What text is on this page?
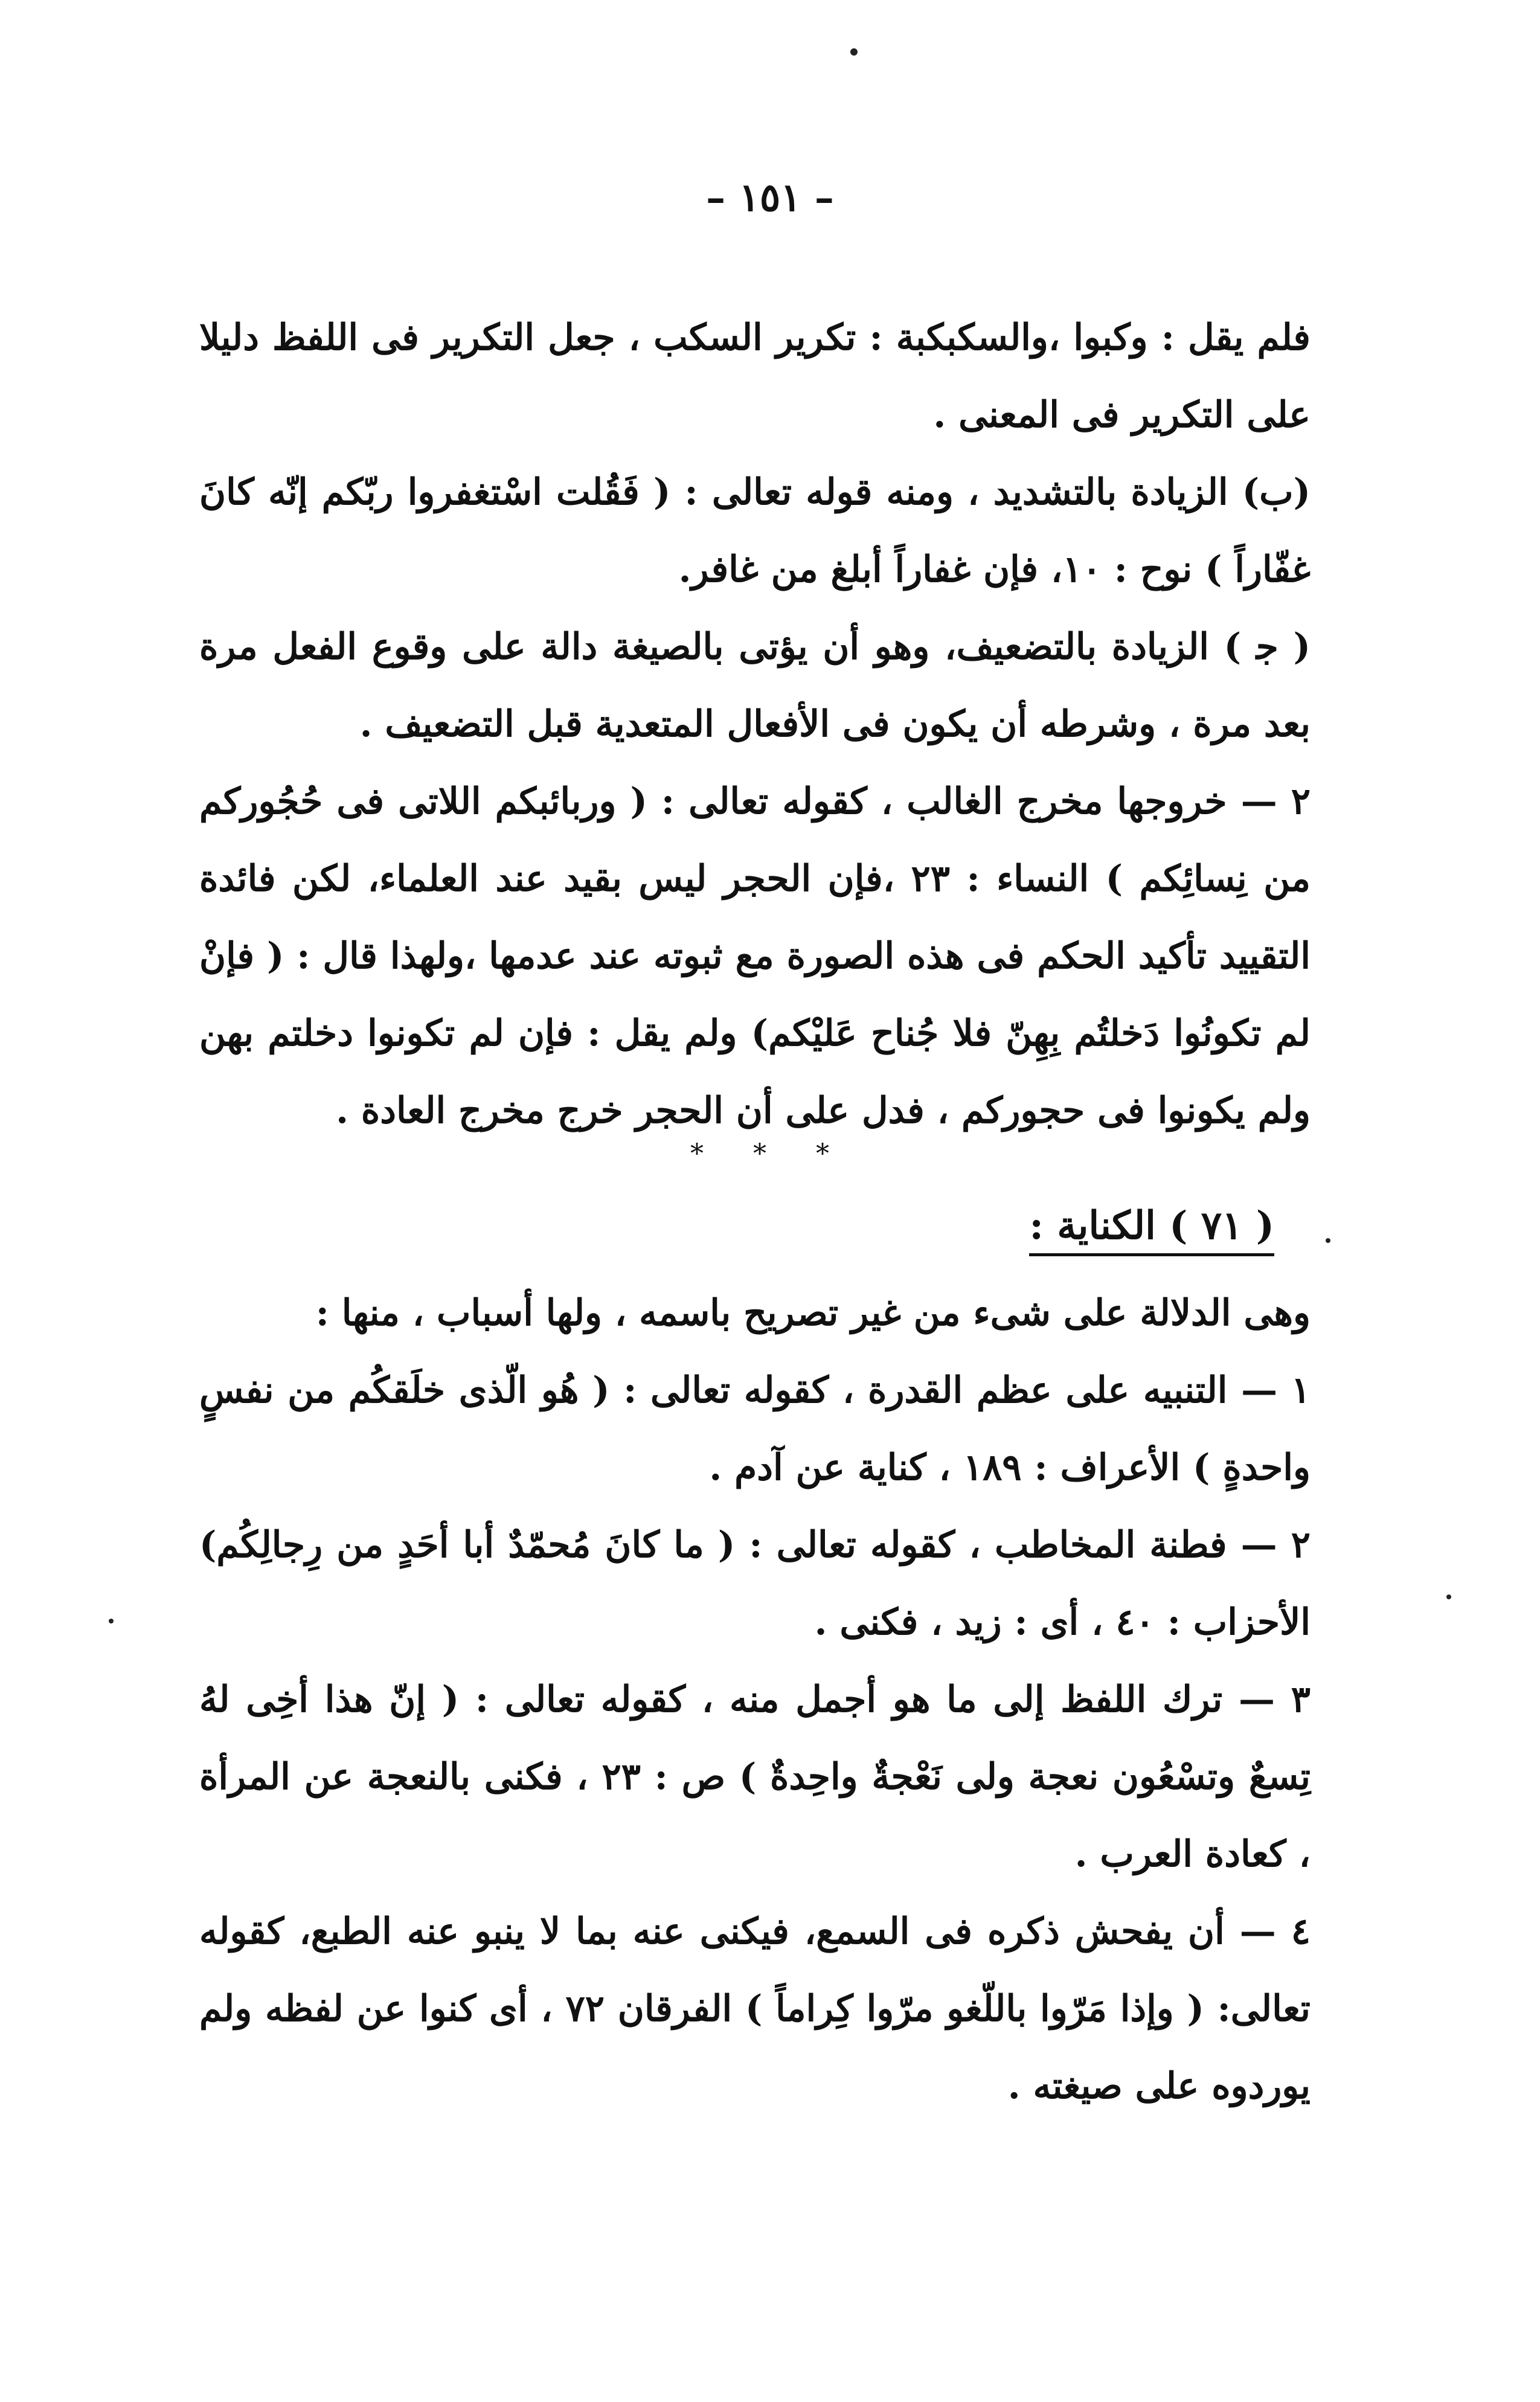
– ١٥١ –

فلم يقل : وكبوا ،والسكبكبة : تكرير السكب ، جعل التكرير فى اللفظ دليلا على التكرير فى المعنى .

(ب) الزيادة بالتشديد ، ومنه قوله تعالى : ( فَقُلت اسْتغفروا ربّكم إنّه كانَ غفّاراً ) نوح : ١٠، فإن غفاراً أبلغ من غافر.

( ﺟ ) الزيادة بالتضعيف، وهو أن يؤتى بالصيغة دالة على وقوع الفعل مرة بعد مرة ، وشرطه أن يكون فى الأفعال المتعدية قبل التضعيف .

٢ — خروجها مخرج الغالب ، كقوله تعالى : ( وربائبكم اللاتى فى حُجُوركم من نِسائِكم ) النساء : ٢٣ ،فإن الحجر ليس بقيد عند العلماء، لكن فائدة التقييد تأكيد الحكم فى هذه الصورة مع ثبوته عند عدمها ،ولهذا قال : ( فإنْ لم تكونُوا دَخلتُم بِهِنّ فلا جُناح عَليْكم) ولم يقل : فإن لم تكونوا دخلتم بهن ولم يكونوا فى حجوركم ، فدل على أن الحجر خرج مخرج العادة .

* * *
( ٧١ ) الكناية :

وهى الدلالة على شىء من غير تصريح باسمه ، ولها أسباب ، منها :

١ — التنبيه على عظم القدرة ، كقوله تعالى : ( هُو الّذى خلَقكُم من نفسٍ واحدةٍ ) الأعراف : ١٨٩ ، كناية عن آدم .

٢ — فطنة المخاطب ، كقوله تعالى : ( ما كانَ مُحمّدٌ أبا أحَدٍ من رِجالِكُم) الأحزاب : ٤٠ ، أى : زيد ، فكنى .

٣ — ترك اللفظ إلى ما هو أجمل منه ، كقوله تعالى : ( إنّ هذا أخِى لهُ تِسعٌ وتسْعُون نعجة ولى نَعْجةٌ واحِدةٌ ) ص : ٢٣ ، فكنى بالنعجة عن المرأة ، كعادة العرب .

٤ — أن يفحش ذكره فى السمع، فيكنى عنه بما لا ينبو عنه الطبع، كقوله تعالى: ( وإذا مَرّوا باللّغو مرّوا كِراماً ) الفرقان ٧٢ ، أى كنوا عن لفظه ولم يوردوه على صيغته .
